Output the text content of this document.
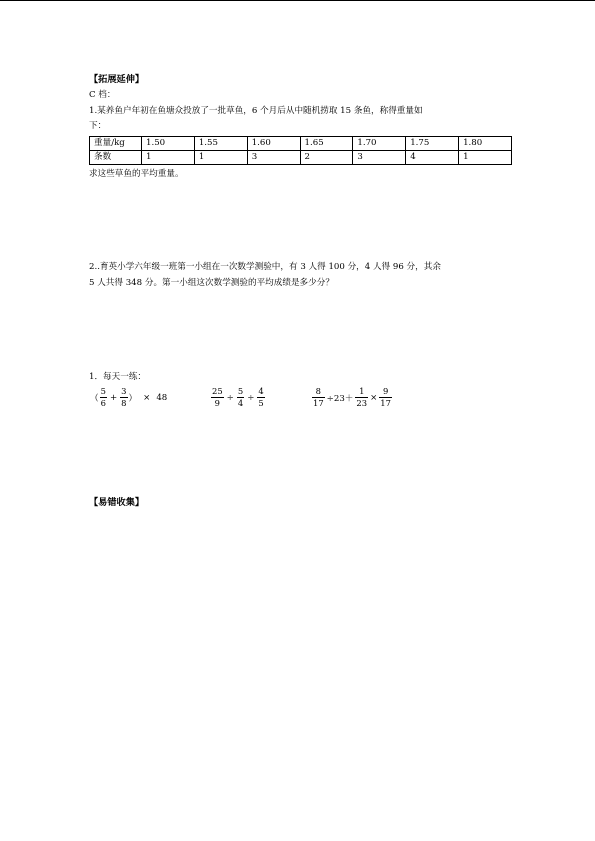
【拓展延伸】
C 档：
1.某养鱼户年初在鱼塘众投放了一批草鱼，6 个月后从中随机捞取 15 条鱼，称得重量如
下：
重量/kg	1.50	1.55	1.60	1.65	1.70	1.75	1.80
条数	1	1	3	2	3	4	1
求这些草鱼的平均重量。
2..育英小学六年级一班第一小组在一次数学测验中，有 3 人得 100 分，4 人得 96 分，其余
5 人共得 348 分。第一小组这次数学测验的平均成绩是多少分？
1．每天一练：
（ $\frac{5}{6} + \frac{3}{8}$ ） × 48	$\frac{25}{9} \div \frac{5}{4} \div \frac{4}{5}$	$\frac{8}{17} \div 23+ \frac{1}{23} \times \frac{9}{17}$
【易错收集】
